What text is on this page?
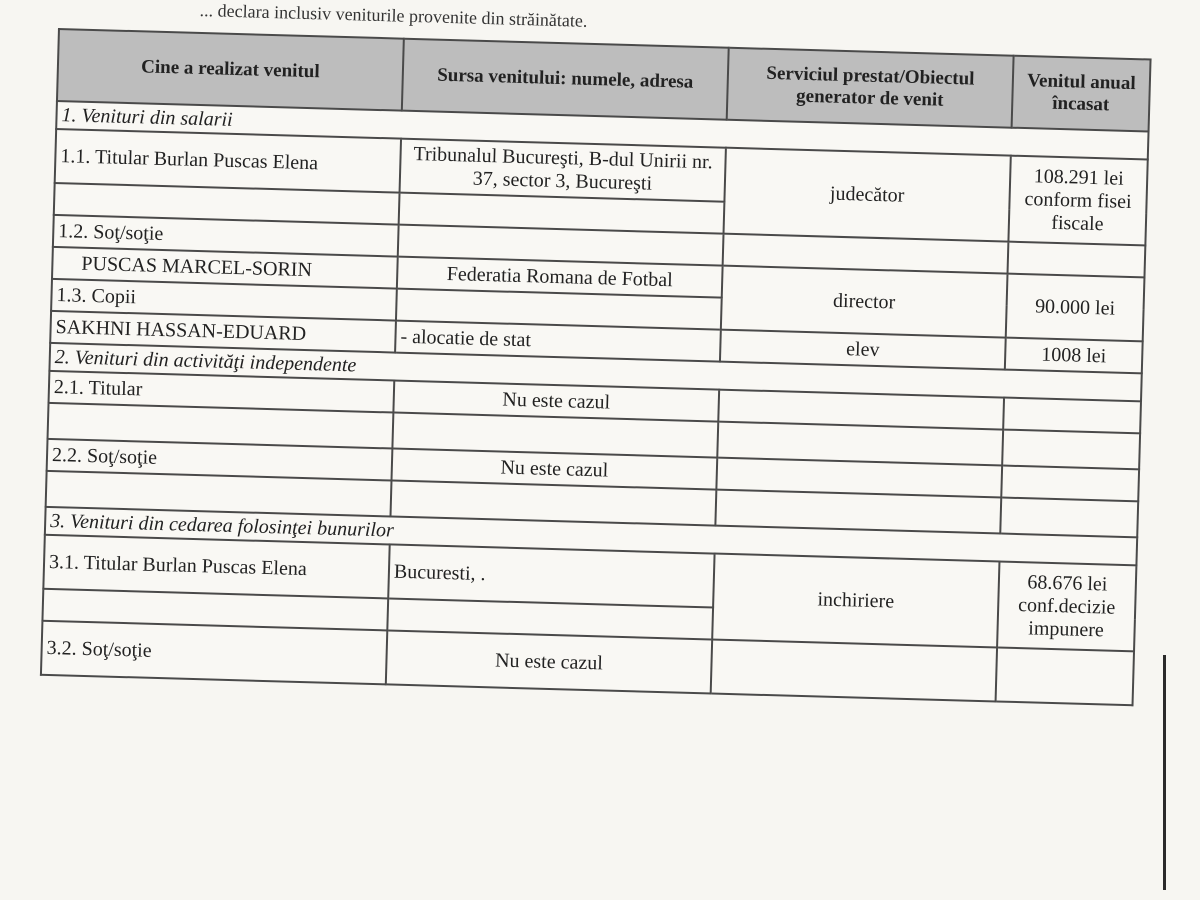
... declara inclusiv veniturile provenite din străinătate.
Cine a realizat venitul	Sursa venitului: numele, adresa	Serviciul prestat/Obiectul generator de venit	Venitul anual încasat
1. Venituri din salarii			
1.1. Titular Burlan Puscas Elena	Tribunalul Bucureşti, B-dul Unirii nr. 37, sector 3, Bucureşti	judecător	108.291 lei conform fisei fiscale

1.2. Soţ/soţie			
PUSCAS MARCEL-SORIN	Federatia Romana de Fotbal	director	90.000 lei
1.3. Copii			
SAKHNI HASSAN-EDUARD	- alocatie de stat	elev	1008 lei
2. Venituri din activităţi independente			
2.1. Titular	Nu este cazul		

2.2. Soţ/soţie	Nu este cazul		

3. Venituri din cedarea folosinţei bunurilor			
3.1. Titular Burlan Puscas Elena	Bucuresti, .	inchiriere	68.676 lei conf.decizie impunere

3.2. Soţ/soţie	Nu este cazul		
